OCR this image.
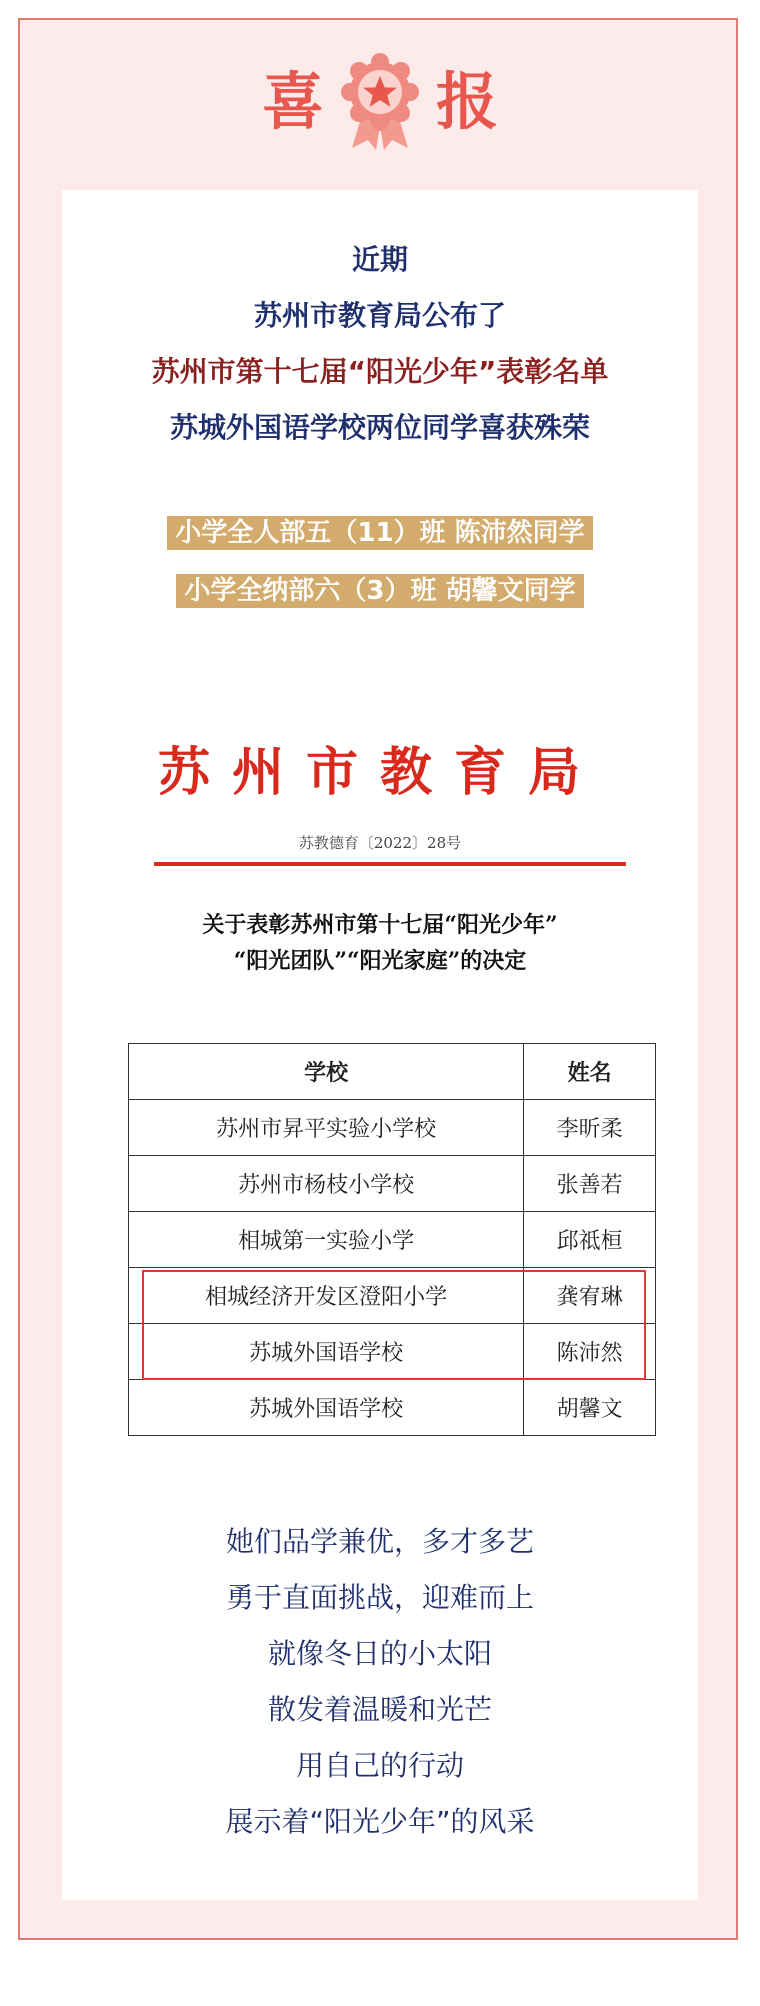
喜 报
近期
苏州市教育局公布了
苏州市第十七届“阳光少年”表彰名单
苏城外国语学校两位同学喜获殊荣
小学全人部五（11）班 陈沛然同学
小学全纳部六（3）班 胡馨文同学
苏州市教育局
苏教德育〔2022〕28号
关于表彰苏州市第十七届“阳光少年”
“阳光团队”“阳光家庭”的决定
学校	姓名
苏州市昇平实验小学校	李昕柔
苏州市杨枝小学校	张善若
相城第一实验小学	邱祗桓
相城经济开发区澄阳小学	龚宥琳
苏城外国语学校	陈沛然
苏城外国语学校	胡馨文
她们品学兼优，多才多艺
勇于直面挑战，迎难而上
就像冬日的小太阳
散发着温暖和光芒
用自己的行动
展示着“阳光少年”的风采
